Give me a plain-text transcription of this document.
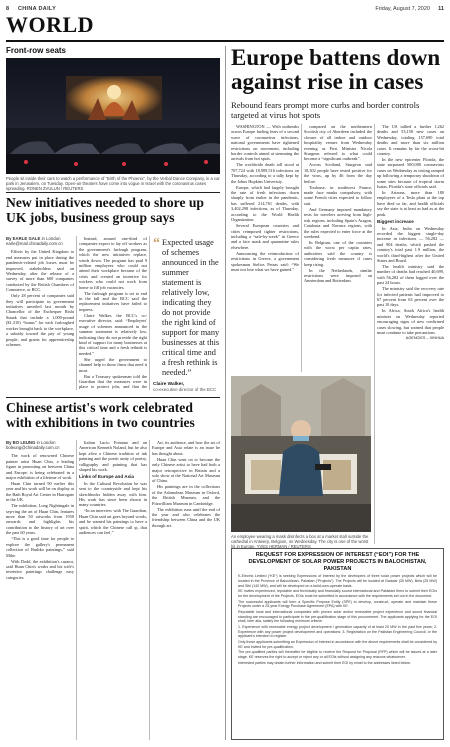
8 CHINA DAILY	Friday, August 7, 2020 11
WORLD
Front-row seats
People sit inside their cars to watch a performance of “Birth of the Phoenix”, by the Verbal Dance Company, in a car park in Jerusalem, on Tuesday. Open-air theaters have come into vogue in Israel with the coronavirus cases spreading. RONEN ZVULUN / REUTERS
New initiatives needed to shore up UK jobs, business group says
By EARLE GALE in London
earle@mail.chinadaily.com.cn

Efforts by the United Kingdom to end measures put in place during the pandemic-related job losses must be improved, stakeholders said on Wednesday, after the release of a survey of more than 600 companies conducted by the British Chambers of Commerce, or BCC.

Only 28 percent of companies said they will participate in government initiatives unveiled last month by Chancellor of the Exchequer Rishi Sunak that include a 1,000-pound ($1,310) “bonus” for each furloughed worker brought back to the workplace, a subsidy toward the pay of young people, and grants for apprenticeship schemes.

Instead, around one-third of companies expect to lay off workers as the government's furlough program, which the new initiatives replace, winds down. The program has paid 9 million employees who could not attend their workplace because of the crisis and created an incentive for workers who could not work from home to fill job vacancies.

The furlough program is set to end in the fall and the BCC said the replacement initiatives have failed to impress.

Claire Walker, the BCC's co-executive director, said: “Employers' usage of schemes announced in the summer statement is relatively low, indicating they do not provide the right kind of support for many businesses at this critical time and a fresh rethink is needed.”

She urged the government to channel help to those firms that need it most.

But a Treasury spokesman told the Guardian that the measures were in place to protect jobs, and that the

“ Expected usage of schemes announced in the summer statement is relatively low, indicating they do not provide the right kind of support for many businesses at this critical time and a fresh rethink is needed.”
Claire Walker,
co-executive director of the BCC
Chinese artist's work celebrated with exhibitions in two countries
By BO LEUNG in London
boleung@chinadaily.com.cn

The work of renowned Chinese painter artist Huan Chin, a leading figure in promoting art between China and Europe, is being celebrated in a major exhibition of a lifetime of work.

Huan Chin turned 90 earlier this year and his work will be on display at the Bath Royal Art Center in Harrogate in the UK.

The exhibition, Long Nightingale in sep-ring the art of Huan Chin, features more than 50 artworks from 1950 onwards and highlights his contribution to the history of art over the past 60 years.

“This is a good time for people to explore the gallery's permanent collection of Bashko paintings,” said Mike.

With Dodd, the exhibition's curator, said Huan Chin's works and his wife's inventive paintings challenge easy categories.

Italian Lucio Fontana and an American Kenneth Noland, but he also kept alive a Chinese tradition of ink painting and the poetic unity of poetry, calligraphy and painting that has shaped his work.

Links of Europe and Asia

In the Cultural Revolution he was sent to the countryside and kept his sketchbooks hidden away with him. His work has since been shown in many countries.

“In an interview with The Guardian, Huan Chin said art goes beyond words, and he wanted his paintings to have a spirit, which the Chinese call qi, that audiences can feel.”

Art, its audience, and how the art of Europe and Asia relate is an issue he has thought about.

Huan Chin went on to become the only Chinese artist to have had both a major retrospective in Britain and a solo show at the National Art Museum of China.

His paintings are in the collections of the Ashmolean Museum in Oxford, the British Museum, and the Fitzwilliam Museum in Cambridge.

The exhibition runs until the end of the year and also celebrates the friendship between China and the UK through art.

Europe battens down against rise in cases
Rebound fears prompt more curbs and border controls targeted at virus hot spots

WASHINGTON — With outbreaks across Europe fueling fears of a second wave of coronavirus infections, national governments have tightened restrictions on movement, including border controls aimed at stemming the arrivals from hot spots.

The worldwide death toll stood at 707,724 with 18,909,516 infections on Thursday, according to a tally kept by the Johns Hopkins University.

Europe, which had largely brought the rate of fresh infections down sharply from earlier in the pandemic, has suffered 214,761 deaths, with 3,402,298 infections, as of Thursday, according to the World Health Organization.

Several European countries and cities reimposed tighter restrictions, including a “safe-by-week” in Greece and a face mask and quarantine rules elsewhere.

Announcing the reintroduction of restrictions in Greece, a government spokesman Stelios Petsas said: “We must not lose what we have gained.”

compared on the northeastern Scottish city of Aberdeen included the closure of all indoor and outdoor hospitality venues from Wednesday evening as First Minister Nicola Sturgeon referred to what could become a “significant outbreak”.

Across Scotland, Sturgeon said 18,302 people have tested positive for the virus, up by 46 from the day before.

Toulouse, in southwest France, made face masks compulsory, with some French cities expected to follow suit.

And Germany imposed mandatory tests for travelers arriving from high-risk regions, including Spain's Aragon, Catalonia and Navarra regions, with the rules expected to enter force at the weekend.

In Belgium, one of the countries with the worst per capita rates, authorities said the country is considering fresh measures if cases keep rising.

In the Netherlands, similar restrictions were imposed on Amsterdam and Rotterdam.

The US tallied a further 1,262 deaths and 53,158 new cases on Wednesday, totaling 157,690 total deaths and more than six million cases. It remains by far the worst-hit country.

In the new epicenter Florida, the state surpassed 500,000 coronavirus cases on Wednesday as testing ramped up following a temporary shutdown of some sites because of tropical storm Isaias, Florida's state officials said.

In Arizona, more than 180 employees of a Tesla plant at the top have died so far, and health officials say the state is at least as bad as at the peak.

Biggest increase

In Asia, India on Wednesday recorded the biggest single-day increase in infections — 56,282 — and 904 deaths, which pushed the country's total past 1.9 million, the world's third-highest after the United States and Brazil.

The health ministry said the number of deaths had reached 40,699, with 56,282 of them logged over the past 24 hours.

The ministry said the recovery rate for infected patients had improved to 67 percent from 63 percent over the past 10 days.

In Africa, South Africa's health minister on Wednesday reported encouraging signs of new confirmed cases slowing, but warned that people must continue to take precautions.

AGENCIES – XINHUA

An employee wearing a mask disinfects a box at a market stall outside the cathedral in Antwerp, Belgium, on Wednesday. The city is one of the worst hit in Europe. YVES HERMAN / REUTERS
REQUEST FOR EXPRESSION OF INTEREST (“EOI”) FOR THE DEVELOPMENT OF SOLAR POWER PROJECTS IN BALOCHISTAN, PAKISTAN

K-Electric Limited (“KE”) is seeking Expressions of Interest by the developers of three solar power projects which will be located in the Province of Balochistan, Pakistan (“Projects”). The Projects will be located at Gwadar (35 MW), Bela (25 MW) and Sibi (140 MW), and will be developed on a build-own-operate basis.

KE invites experienced, reputable and technically and financially sound international and Pakistani firms to submit their EOIs for the development of the Projects. EOIs must be submitted in accordance with the requirements set out in the document.

The successful applicants will form a Specific Purpose Entity (SPE) to develop, construct, operate and maintain these Projects under a 25-year Energy Purchase Agreement (EPA) with KE.

Reputable local and international companies with proven solar and/or renewable project experience and sound financial standing are encouraged to participate in the pre-qualification stage of this procurement. The applicants applying for the EOI shall, inter alia, satisfy the following minimum criteria:

1. Experience with renewable energy project development / generation capacity of at least 20 MW in the past five years; 2. Experience with any power project development and operations; 3. Registration on the Pakistan Engineering Council, or the applicant's intention to register.

Only those applicants submitting an Expression of Interest in accordance with the above requirements shall be considered by KE and invited for pre-qualification.

The pre-qualified parties will thereafter be eligible to receive the Request for Proposal (RFP) which will be issued at a later stage. KE reserves the right to accept or reject any or all EOIs without assigning any reasons whatsoever.

Interested parties may obtain further information and submit their EOI by email to the addresses listed below.
